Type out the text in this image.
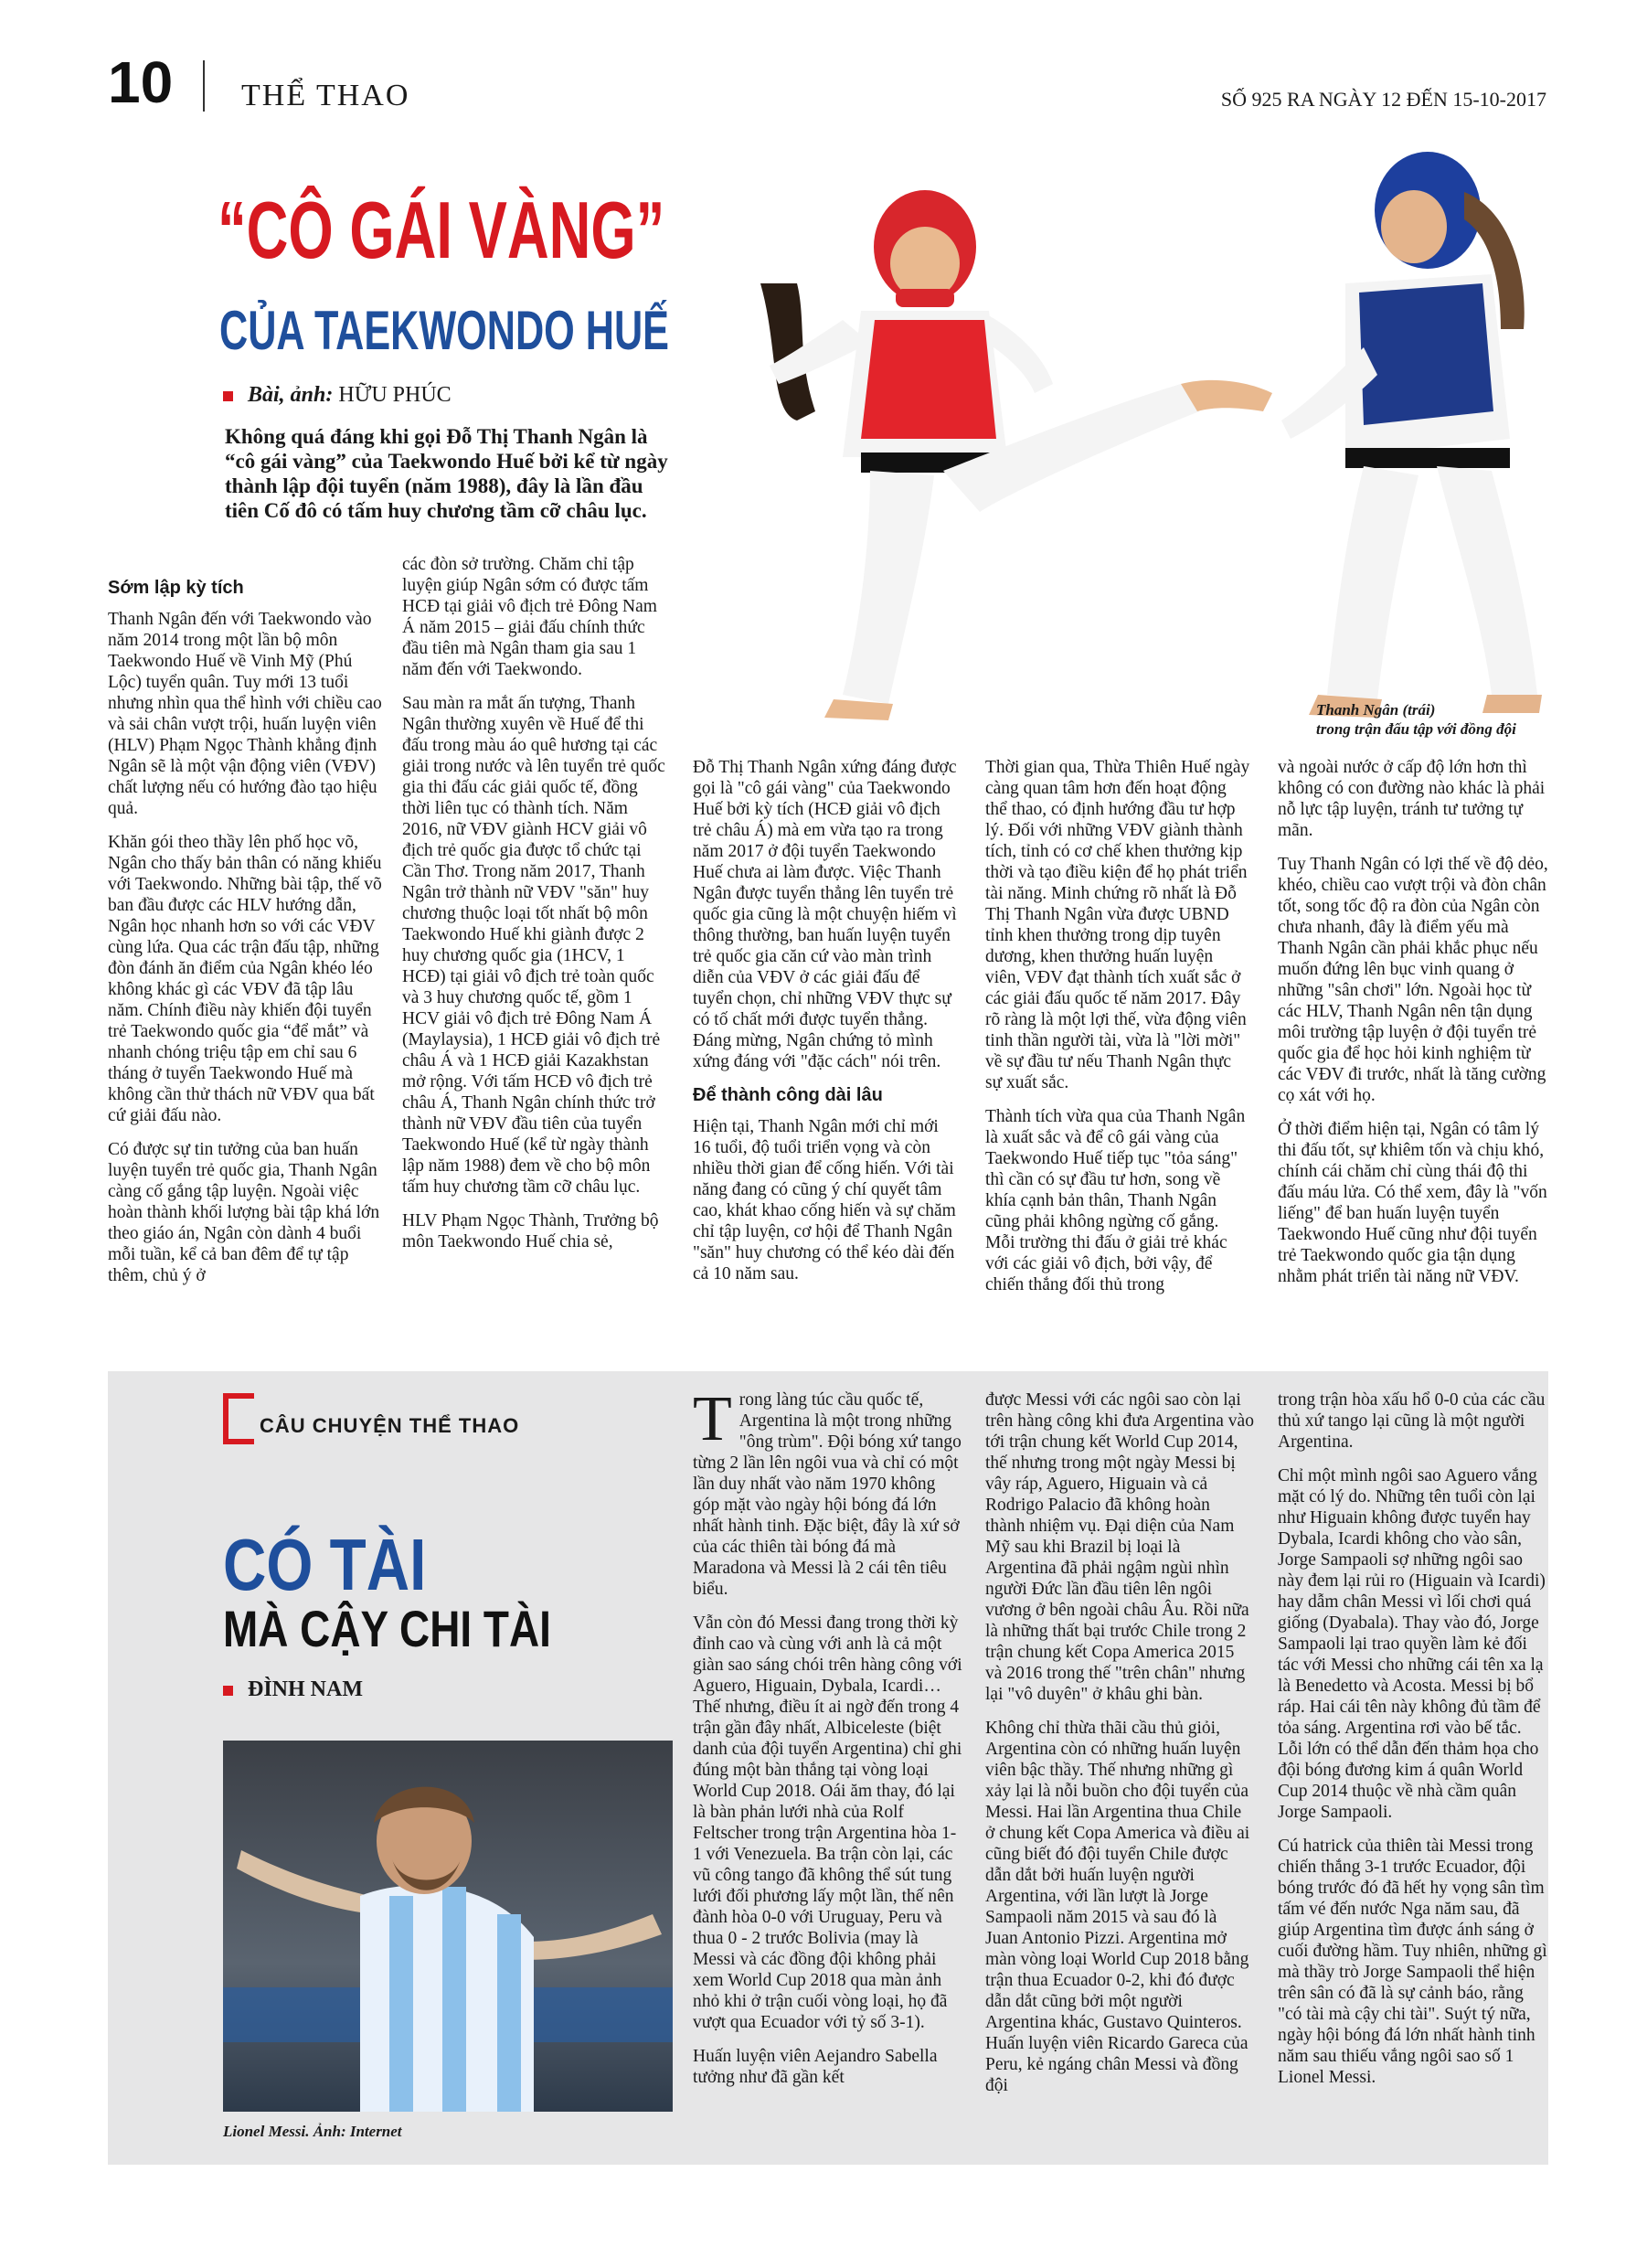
10 THỂ THAO	SỐ 925 RA NGÀY 12 ĐẾN 15-10-2017
“CÔ GÁI VÀNG”
CỦA TAEKWONDO HUẾ
Bài, ảnh: HỮU PHÚC
Không quá đáng khi gọi Đỗ Thị Thanh Ngân là “cô gái vàng” của Taekwondo Huế bởi kể từ ngày thành lập đội tuyển (năm 1988), đây là lần đầu tiên Cố đô có tấm huy chương tầm cỡ châu lục.
Thanh Ngân (trái)
trong trận đấu tập với đồng đội
Sớm lập kỳ tích

Thanh Ngân đến với Taekwondo vào năm 2014 trong một lần bộ môn Taekwondo Huế về Vinh Mỹ (Phú Lộc) tuyển quân. Tuy mới 13 tuổi nhưng nhìn qua thể hình với chiều cao và sải chân vượt trội, huấn luyện viên (HLV) Phạm Ngọc Thành khẳng định Ngân sẽ là một vận động viên (VĐV) chất lượng nếu có hướng đào tạo hiệu quả.

Khăn gói theo thầy lên phố học võ, Ngân cho thấy bản thân có năng khiếu với Taekwondo. Những bài tập, thế võ ban đầu được các HLV hướng dẫn, Ngân học nhanh hơn so với các VĐV cùng lứa. Qua các trận đấu tập, những đòn đánh ăn điểm của Ngân khéo léo không khác gì các VĐV đã tập lâu năm. Chính điều này khiến đội tuyển trẻ Taekwondo quốc gia “để mắt” và nhanh chóng triệu tập em chỉ sau 6 tháng ở tuyển Taekwondo Huế mà không cần thử thách nữ VĐV qua bất cứ giải đấu nào.

Có được sự tin tưởng của ban huấn luyện tuyển trẻ quốc gia, Thanh Ngân càng cố gắng tập luyện. Ngoài việc hoàn thành khối lượng bài tập khá lớn theo giáo án, Ngân còn dành 4 buổi mỗi tuần, kể cả ban đêm để tự tập thêm, chủ ý ở

các đòn sở trường. Chăm chỉ tập luyện giúp Ngân sớm có được tấm HCĐ tại giải vô địch trẻ Đông Nam Á năm 2015 – giải đấu chính thức đầu tiên mà Ngân tham gia sau 1 năm đến với Taekwondo.

Sau màn ra mắt ấn tượng, Thanh Ngân thường xuyên về Huế để thi đấu trong màu áo quê hương tại các giải trong nước và lên tuyển trẻ quốc gia thi đấu các giải quốc tế, đồng thời liên tục có thành tích. Năm 2016, nữ VĐV giành HCV giải vô địch trẻ quốc gia được tổ chức tại Cần Thơ. Trong năm 2017, Thanh Ngân trở thành nữ VĐV "săn" huy chương thuộc loại tốt nhất bộ môn Taekwondo Huế khi giành được 2 huy chương quốc gia (1HCV, 1 HCĐ) tại giải vô địch trẻ toàn quốc và 3 huy chương quốc tế, gồm 1 HCV giải vô địch trẻ Đông Nam Á (Maylaysia), 1 HCĐ giải vô địch trẻ châu Á và 1 HCĐ giải Kazakhstan mở rộng. Với tấm HCĐ vô địch trẻ châu Á, Thanh Ngân chính thức trở thành nữ VĐV đầu tiên của tuyển Taekwondo Huế (kể từ ngày thành lập năm 1988) đem về cho bộ môn tấm huy chương tầm cỡ châu lục.

HLV Phạm Ngọc Thành, Trưởng bộ môn Taekwondo Huế chia sẻ,

Đỗ Thị Thanh Ngân xứng đáng được gọi là "cô gái vàng" của Taekwondo Huế bởi kỳ tích (HCĐ giải vô địch trẻ châu Á) mà em vừa tạo ra trong năm 2017 ở đội tuyển Taekwondo Huế chưa ai làm được. Việc Thanh Ngân được tuyển thẳng lên tuyển trẻ quốc gia cũng là một chuyện hiếm vì thông thường, ban huấn luyện tuyển trẻ quốc gia căn cứ vào màn trình diễn của VĐV ở các giải đấu để tuyển chọn, chỉ những VĐV thực sự có tố chất mới được tuyển thẳng. Đáng mừng, Ngân chứng tỏ mình xứng đáng với "đặc cách" nói trên.

Để thành công dài lâu

Hiện tại, Thanh Ngân mới chỉ mới 16 tuổi, độ tuổi triển vọng và còn nhiều thời gian để cống hiến. Với tài năng đang có cũng ý chí quyết tâm cao, khát khao cống hiến và sự chăm chỉ tập luyện, cơ hội để Thanh Ngân "săn" huy chương có thể kéo dài đến cả 10 năm sau.

Thời gian qua, Thừa Thiên Huế ngày càng quan tâm hơn đến hoạt động thể thao, có định hướng đầu tư hợp lý. Đối với những VĐV giành thành tích, tỉnh có cơ chế khen thưởng kịp thời và tạo điều kiện để họ phát triển tài năng. Minh chứng rõ nhất là Đỗ Thị Thanh Ngân vừa được UBND tỉnh khen thưởng trong dịp tuyên dương, khen thưởng huấn luyện viên, VĐV đạt thành tích xuất sắc ở các giải đấu quốc tế năm 2017. Đây rõ ràng là một lợi thế, vừa động viên tinh thần người tài, vừa là "lời mời" về sự đầu tư nếu Thanh Ngân thực sự xuất sắc.

Thành tích vừa qua của Thanh Ngân là xuất sắc và để cô gái vàng của Taekwondo Huế tiếp tục "tỏa sáng" thì cần có sự đầu tư hơn, song về khía cạnh bản thân, Thanh Ngân cũng phải không ngừng cố gắng. Mỗi trường thi đấu ở giải trẻ khác với các giải vô địch, bởi vậy, để chiến thắng đối thủ trong

và ngoài nước ở cấp độ lớn hơn thì không có con đường nào khác là phải nỗ lực tập luyện, tránh tư tưởng tự mãn.

Tuy Thanh Ngân có lợi thế về độ dẻo, khéo, chiều cao vượt trội và đòn chân tốt, song tốc độ ra đòn của Ngân còn chưa nhanh, đây là điểm yếu mà Thanh Ngân cần phải khắc phục nếu muốn đứng lên bục vinh quang ở những "sân chơi" lớn. Ngoài học từ các HLV, Thanh Ngân nên tận dụng môi trường tập luyện ở đội tuyển trẻ quốc gia để học hỏi kinh nghiệm từ các VĐV đi trước, nhất là tăng cường cọ xát với họ.

Ở thời điểm hiện tại, Ngân có tâm lý thi đấu tốt, sự khiêm tốn và chịu khó, chính cái chăm chỉ cùng thái độ thi đấu máu lửa. Có thể xem, đây là "vốn liếng" để ban huấn luyện tuyển Taekwondo Huế cũng như đội tuyển trẻ Taekwondo quốc gia tận dụng nhằm phát triển tài năng nữ VĐV.

CÂU CHUYỆN THỂ THAO
CÓ TÀI
MÀ CẬY CHI TÀI
ĐÌNH NAM
Lionel Messi. Ảnh: Internet

Trong làng túc cầu quốc tế, Argentina là một trong những "ông trùm". Đội bóng xứ tango từng 2 lần lên ngôi vua và chỉ có một lần duy nhất vào năm 1970 không góp mặt vào ngày hội bóng đá lớn nhất hành tinh. Đặc biệt, đây là xứ sở của các thiên tài bóng đá mà Maradona và Messi là 2 cái tên tiêu biểu.

Vẫn còn đó Messi đang trong thời kỳ đỉnh cao và cùng với anh là cả một giàn sao sáng chói trên hàng công với Aguero, Higuain, Dybala, Icardi… Thế nhưng, điều ít ai ngờ đến trong 4 trận gần đây nhất, Albiceleste (biệt danh của đội tuyển Argentina) chỉ ghi đúng một bàn thắng tại vòng loại World Cup 2018. Oái ăm thay, đó lại là bàn phản lưới nhà của Rolf Feltscher trong trận Argentina hòa 1-1 với Venezuela. Ba trận còn lại, các vũ công tango đã không thể sút tung lưới đối phương lấy một lần, thế nên đành hòa 0-0 với Uruguay, Peru và thua 0 - 2 trước Bolivia (may là Messi và các đồng đội không phải xem World Cup 2018 qua màn ảnh nhỏ khi ở trận cuối vòng loại, họ đã vượt qua Ecuador với tỷ số 3-1).

Huấn luyện viên Aejandro Sabella tưởng như đã gần kết

được Messi với các ngôi sao còn lại trên hàng công khi đưa Argentina vào tới trận chung kết World Cup 2014, thế nhưng trong một ngày Messi bị vây ráp, Aguero, Higuain và cả Rodrigo Palacio đã không hoàn thành nhiệm vụ. Đại diện của Nam Mỹ sau khi Brazil bị loại là Argentina đã phải ngậm ngùi nhìn người Đức lần đầu tiên lên ngôi vương ở bên ngoài châu Âu. Rồi nữa là những thất bại trước Chile trong 2 trận chung kết Copa America 2015 và 2016 trong thế "trên chân" nhưng lại "vô duyên" ở khâu ghi bàn.

Không chỉ thừa thãi cầu thủ giỏi, Argentina còn có những huấn luyện viên bậc thầy. Thế nhưng những gì xảy lại là nỗi buồn cho đội tuyển của Messi. Hai lần Argentina thua Chile ở chung kết Copa America và điều ai cũng biết đó đội tuyển Chile được dẫn dắt bởi huấn luyện người Argentina, với lần lượt là Jorge Sampaoli năm 2015 và sau đó là Juan Antonio Pizzi. Argentina mở màn vòng loại World Cup 2018 bằng trận thua Ecuador 0-2, khi đó được dẫn dắt cũng bởi một người Argentina khác, Gustavo Quinteros. Huấn luyện viên Ricardo Gareca của Peru, kẻ ngáng chân Messi và đồng đội

trong trận hòa xấu hổ 0-0 của các cầu thủ xứ tango lại cũng là một người Argentina.

Chỉ một mình ngôi sao Aguero vắng mặt có lý do. Những tên tuổi còn lại như Higuain không được tuyển hay Dybala, Icardi không cho vào sân, Jorge Sampaoli sợ những ngôi sao này đem lại rủi ro (Higuain và Icardi) hay dẫm chân Messi vì lối chơi quá giống (Dyabala). Thay vào đó, Jorge Sampaoli lại trao quyền làm kẻ đối tác với Messi cho những cái tên xa lạ là Benedetto và Acosta. Messi bị bổ ráp. Hai cái tên này không đủ tầm để tỏa sáng. Argentina rơi vào bế tắc. Lỗi lớn có thể dẫn đến thảm họa cho đội bóng đương kim á quân World Cup 2014 thuộc về nhà cầm quân Jorge Sampaoli.

Cú hatrick của thiên tài Messi trong chiến thắng 3-1 trước Ecuador, đội bóng trước đó đã hết hy vọng sân tìm tấm vé đến nước Nga năm sau, đã giúp Argentina tìm được ánh sáng ở cuối đường hầm. Tuy nhiên, những gì mà thầy trò Jorge Sampaoli thể hiện trên sân có đã là sự cảnh báo, rằng "có tài mà cậy chi tài". Suýt tý nữa, ngày hội bóng đá lớn nhất hành tinh năm sau thiếu vắng ngôi sao số 1 Lionel Messi.
